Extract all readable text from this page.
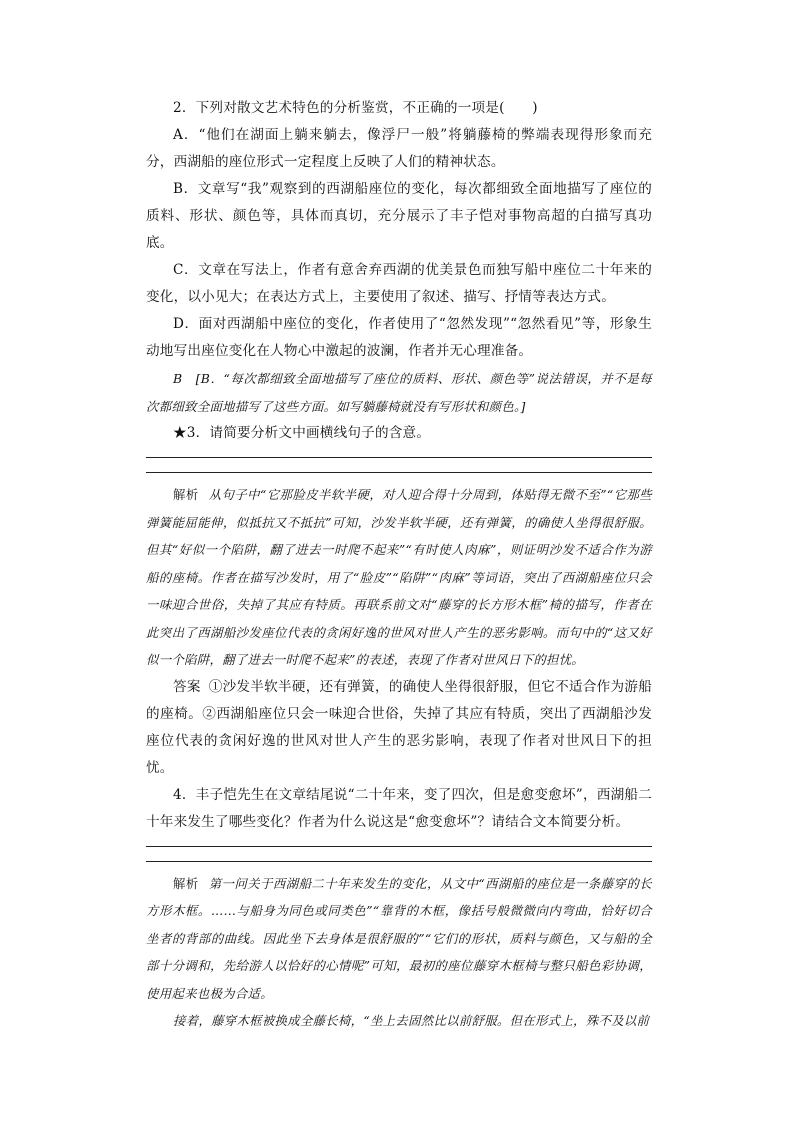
2．下列对散文艺术特色的分析鉴赏，不正确的一项是(　　)

A．“他们在湖面上躺来躺去，像浮尸一般”将躺藤椅的弊端表现得形象而充分，西湖船的座位形式一定程度上反映了人们的精神状态。

B．文章写“我”观察到的西湖船座位的变化，每次都细致全面地描写了座位的质料、形状、颜色等，具体而真切，充分展示了丰子恺对事物高超的白描写真功底。

C．文章在写法上，作者有意舍弃西湖的优美景色而独写船中座位二十年来的变化，以小见大；在表达方式上，主要使用了叙述、描写、抒情等表达方式。

D．面对西湖船中座位的变化，作者使用了“忽然发现”“忽然看见”等，形象生动地写出座位变化在人物心中激起的波澜，作者并无心理准备。

B　[B．“每次都细致全面地描写了座位的质料、形状、颜色等”说法错误，并不是每次都细致全面地描写了这些方面。如写躺藤椅就没有写形状和颜色。]

★3．请简要分析文中画横线句子的含意。

解析 从句子中“它那脸皮半软半硬，对人迎合得十分周到，体贴得无微不至”“它那些弹簧能屈能伸，似抵抗又不抵抗”可知，沙发半软半硬，还有弹簧，的确使人坐得很舒服。但其“好似一个陷阱，翻了进去一时爬不起来”“有时使人肉麻”，则证明沙发不适合作为游船的座椅。作者在描写沙发时，用了“脸皮”“陷阱”“肉麻”等词语，突出了西湖船座位只会一味迎合世俗，失掉了其应有特质。再联系前文对“藤穿的长方形木框”椅的描写，作者在此突出了西湖船沙发座位代表的贪闲好逸的世风对世人产生的恶劣影响。而句中的“这又好似一个陷阱，翻了进去一时爬不起来”的表述，表现了作者对世风日下的担忧。

答案 ①沙发半软半硬，还有弹簧，的确使人坐得很舒服，但它不适合作为游船的座椅。②西湖船座位只会一味迎合世俗，失掉了其应有特质，突出了西湖船沙发座位代表的贪闲好逸的世风对世人产生的恶劣影响，表现了作者对世风日下的担忧。

4．丰子恺先生在文章结尾说“二十年来，变了四次，但是愈变愈坏”，西湖船二十年来发生了哪些变化？作者为什么说这是“愈变愈坏”？请结合文本简要分析。

解析 第一问关于西湖船二十年来发生的变化，从文中“西湖船的座位是一条藤穿的长方形木框。……与船身为同色或同类色”“靠背的木框，像括号般微微向内弯曲，恰好切合坐者的背部的曲线。因此坐下去身体是很舒服的”“它们的形状，质料与颜色，又与船的全部十分调和，先给游人以恰好的心情呢”可知，最初的座位藤穿木框椅与整只船色彩协调，使用起来也极为合适。

接着，藤穿木框被换成全藤长椅，“坐上去固然比以前舒服。但在形式上，殊不及以前
